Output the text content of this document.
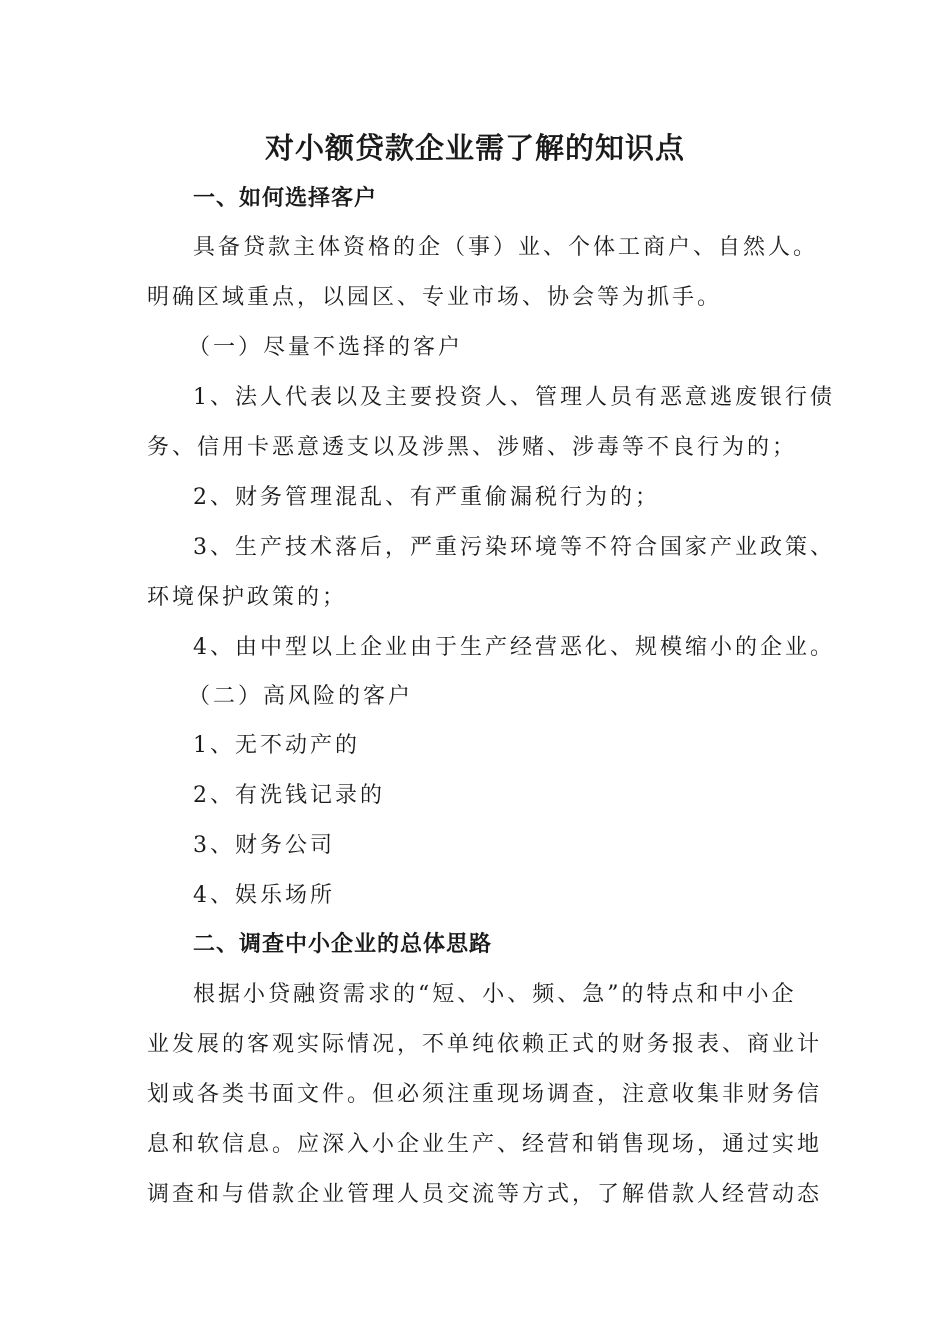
对小额贷款企业需了解的知识点
一、如何选择客户
具备贷款主体资格的企（事）业、个体工商户、自然人。
明确区域重点，以园区、专业市场、协会等为抓手。
（一）尽量不选择的客户
1、法人代表以及主要投资人、管理人员有恶意逃废银行债
务、信用卡恶意透支以及涉黑、涉赌、涉毒等不良行为的；
2、财务管理混乱、有严重偷漏税行为的；
3、生产技术落后，严重污染环境等不符合国家产业政策、
环境保护政策的；
4、由中型以上企业由于生产经营恶化、规模缩小的企业。
（二）高风险的客户
1、无不动产的
2、有洗钱记录的
3、财务公司
4、娱乐场所
二、调查中小企业的总体思路
根据小贷融资需求的“短、小、频、急”的特点和中小企
业发展的客观实际情况，不单纯依赖正式的财务报表、商业计
划或各类书面文件。但必须注重现场调查，注意收集非财务信
息和软信息。应深入小企业生产、经营和销售现场，通过实地
调查和与借款企业管理人员交流等方式，了解借款人经营动态
